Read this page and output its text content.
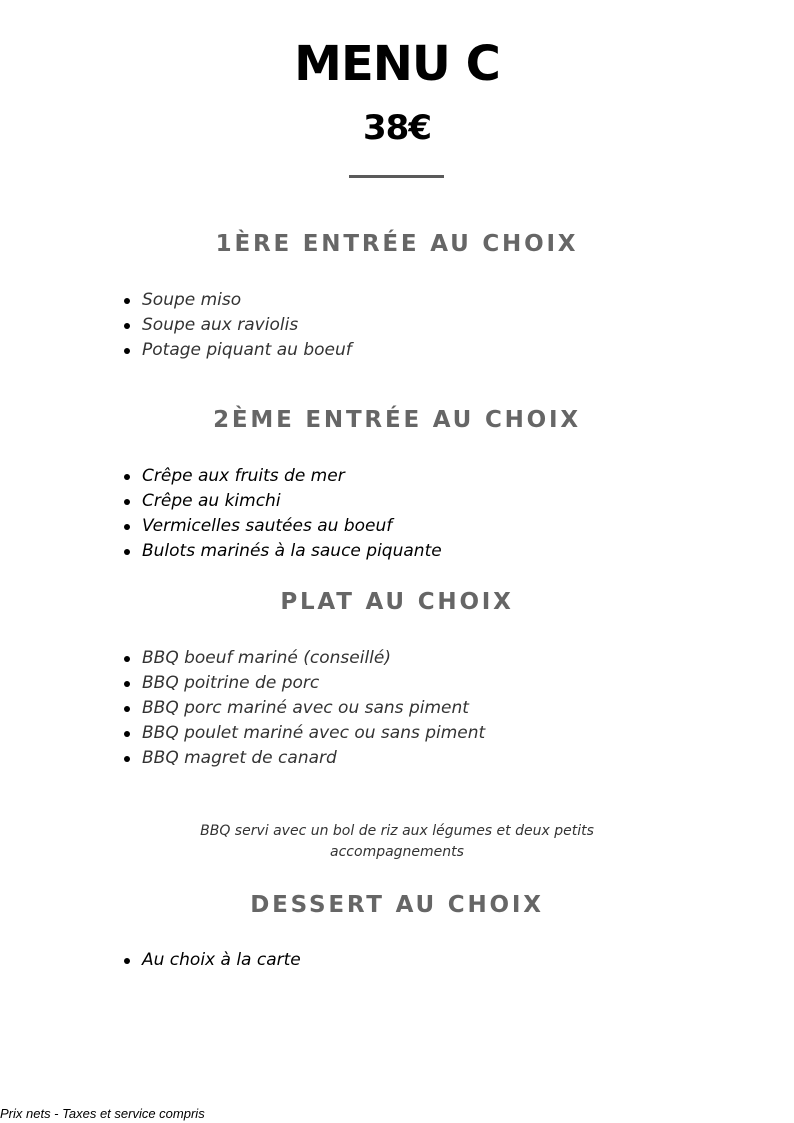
MENU C
38€
1ÈRE ENTRÉE AU CHOIX
Soupe miso
Soupe aux raviolis
Potage piquant au boeuf
2ÈME ENTRÉE AU CHOIX
Crêpe aux fruits de mer
Crêpe au kimchi
Vermicelles sautées au boeuf
Bulots marinés à la sauce piquante
PLAT AU CHOIX
BBQ boeuf mariné (conseillé)
BBQ poitrine de porc
BBQ porc mariné avec ou sans piment
BBQ poulet mariné avec ou sans piment
BBQ magret de canard
BBQ servi avec un bol de riz aux légumes et deux petits accompagnements
DESSERT AU CHOIX
Au choix à la carte
Prix nets - Taxes et service compris
